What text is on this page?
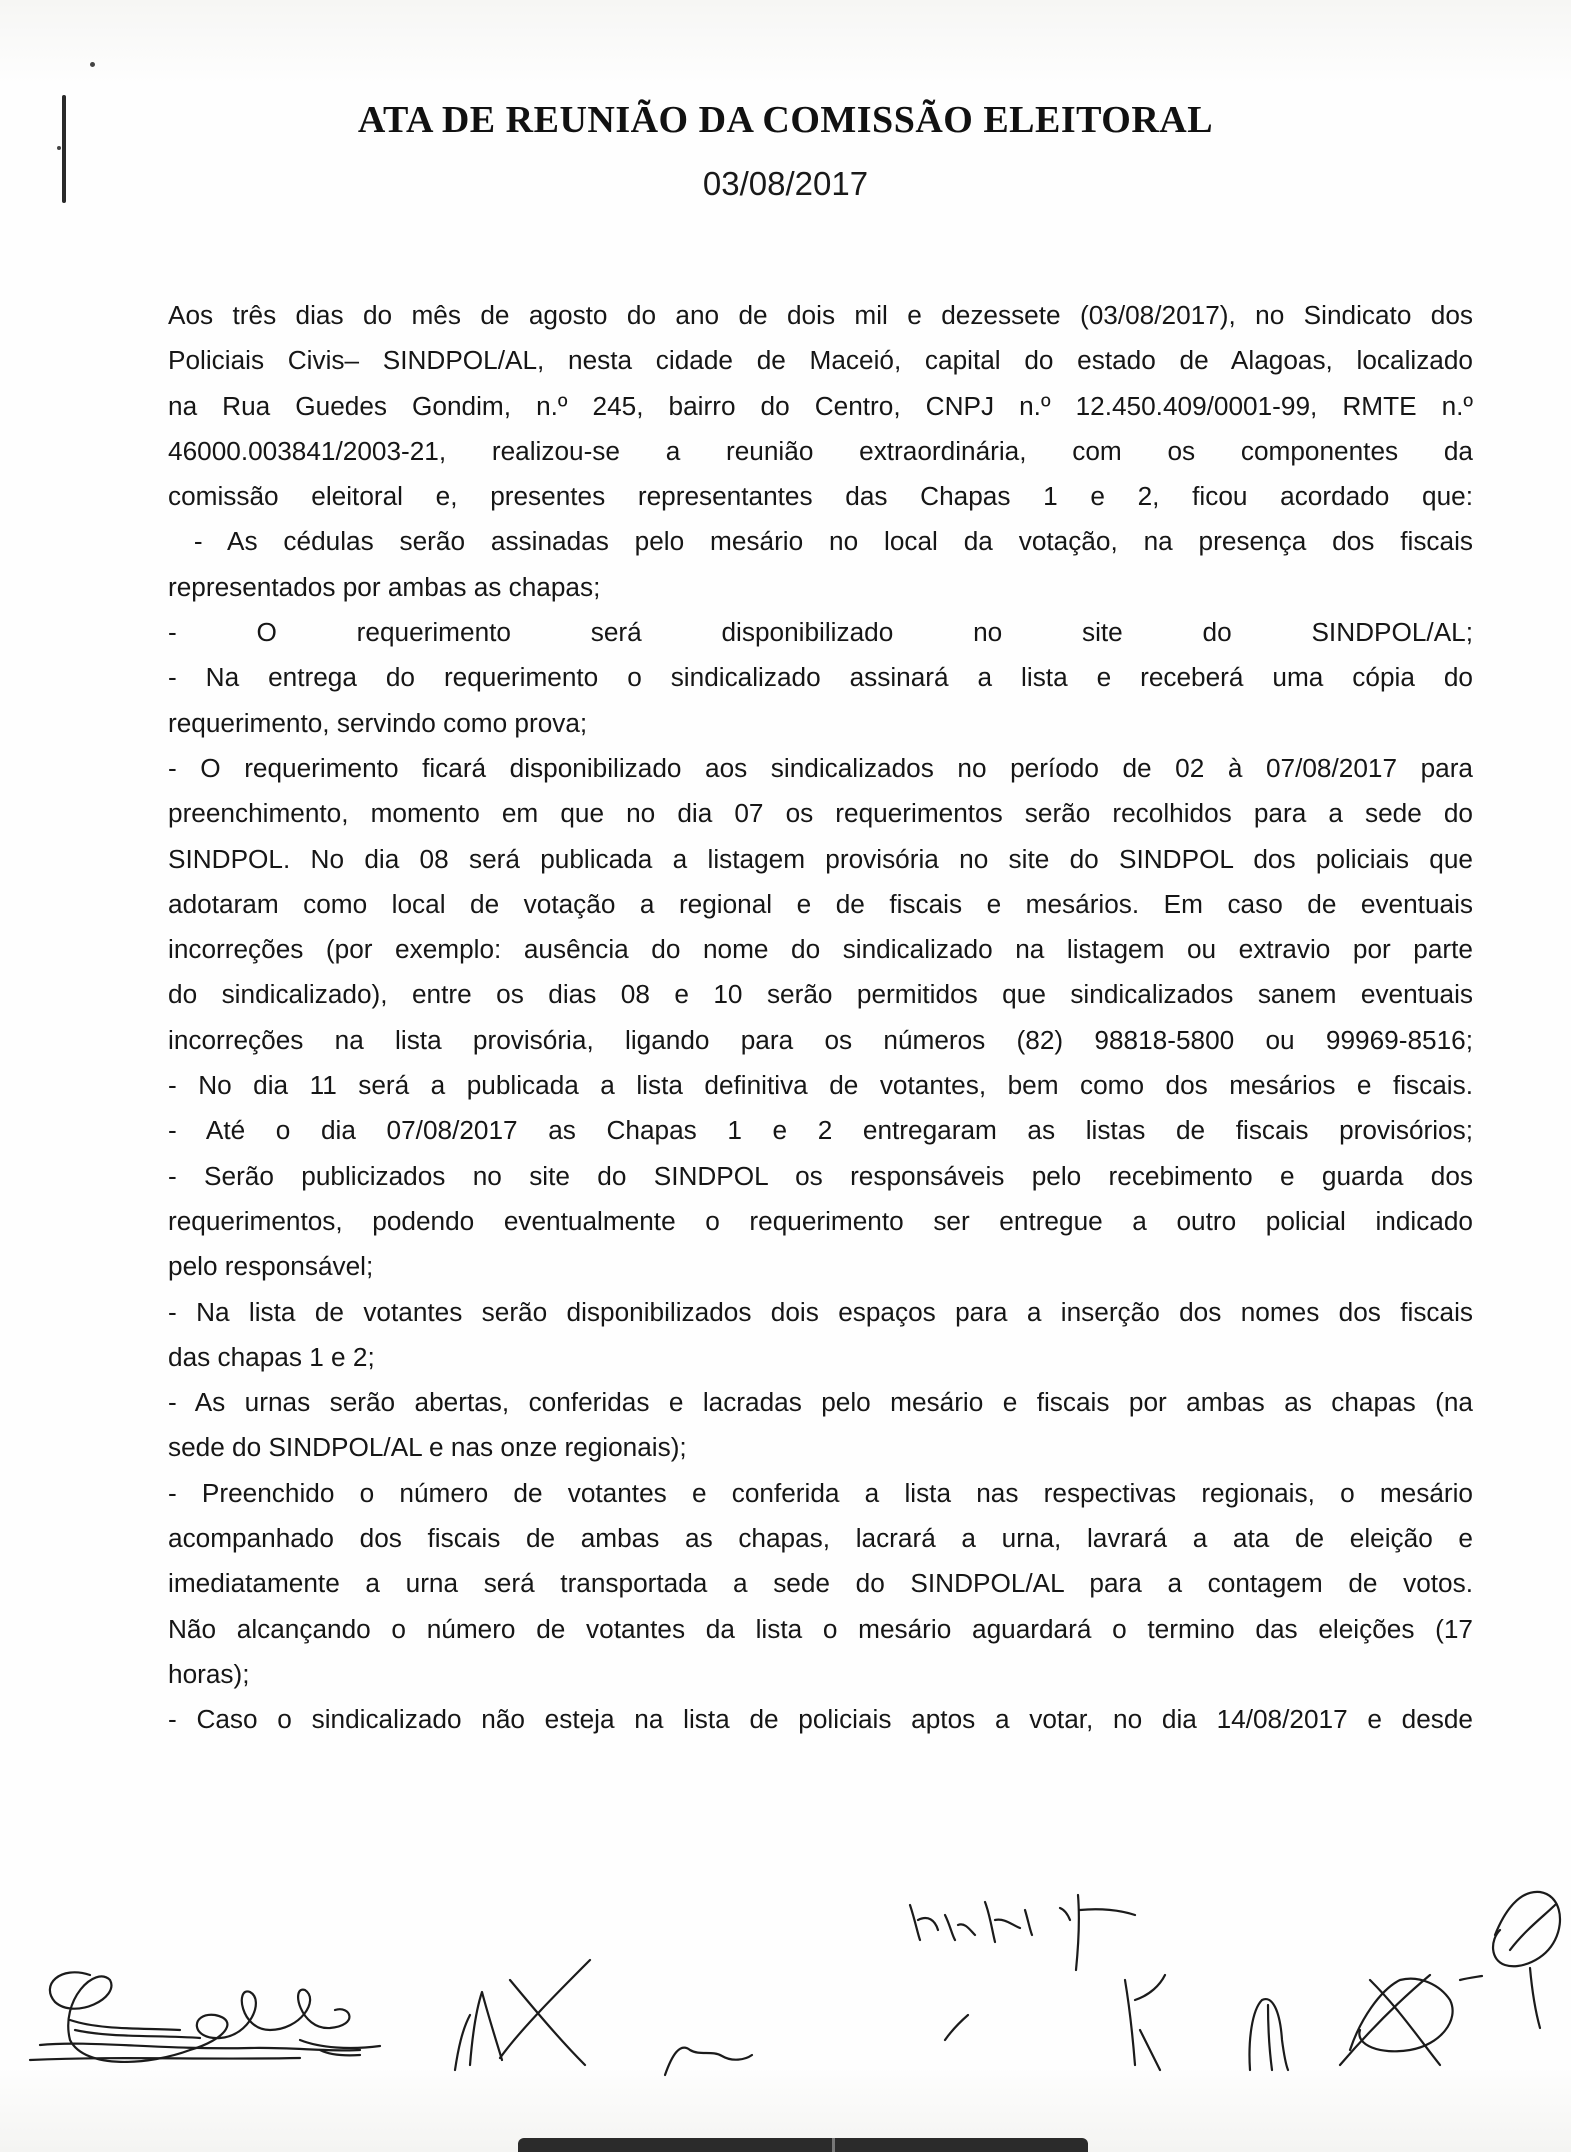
ATA DE REUNIÃO DA COMISSÃO ELEITORAL
03/08/2017

Aos três dias do mês de agosto do ano de dois mil e dezessete (03/08/2017), no Sindicato dos

Policiais Civis– SINDPOL/AL, nesta cidade de Maceió, capital do estado de Alagoas, localizado

na Rua Guedes Gondim, n.º 245, bairro do Centro, CNPJ n.º 12.450.409/0001-99, RMTE n.º

46000.003841/2003-21, realizou-se a reunião extraordinária, com os componentes da

comissão eleitoral e, presentes representantes das Chapas 1 e 2, ficou acordado que:

- As cédulas serão assinadas pelo mesário no local da votação, na presença dos fiscais

representados por ambas as chapas;

- O requerimento será disponibilizado no site do SINDPOL/AL;

- Na entrega do requerimento o sindicalizado assinará a lista e receberá uma cópia do

requerimento, servindo como prova;

- O requerimento ficará disponibilizado aos sindicalizados no período de 02 à 07/08/2017 para

preenchimento, momento em que no dia 07 os requerimentos serão recolhidos para a sede do

SINDPOL. No dia 08 será publicada a listagem provisória no site do SINDPOL dos policiais que

adotaram como local de votação a regional e de fiscais e mesários. Em caso de eventuais

incorreções (por exemplo: ausência do nome do sindicalizado na listagem ou extravio por parte

do sindicalizado), entre os dias 08 e 10 serão permitidos que sindicalizados sanem eventuais

incorreções na lista provisória, ligando para os números (82) 98818-5800 ou 99969-8516;

- No dia 11 será a publicada a lista definitiva de votantes, bem como dos mesários e fiscais.

- Até o dia 07/08/2017 as Chapas 1 e 2 entregaram as listas de fiscais provisórios;

- Serão publicizados no site do SINDPOL os responsáveis pelo recebimento e guarda dos

requerimentos, podendo eventualmente o requerimento ser entregue a outro policial indicado

pelo responsável;

- Na lista de votantes serão disponibilizados dois espaços para a inserção dos nomes dos fiscais

das chapas 1 e 2;

- As urnas serão abertas, conferidas e lacradas pelo mesário e fiscais por ambas as chapas (na

sede do SINDPOL/AL e nas onze regionais);

- Preenchido o número de votantes e conferida a lista nas respectivas regionais, o mesário

acompanhado dos fiscais de ambas as chapas, lacrará a urna, lavrará a ata de eleição e

imediatamente a urna será transportada a sede do SINDPOL/AL para a contagem de votos.

Não alcançando o número de votantes da lista o mesário aguardará o termino das eleições (17

horas);

- Caso o sindicalizado não esteja na lista de policiais aptos a votar, no dia 14/08/2017 e desde
